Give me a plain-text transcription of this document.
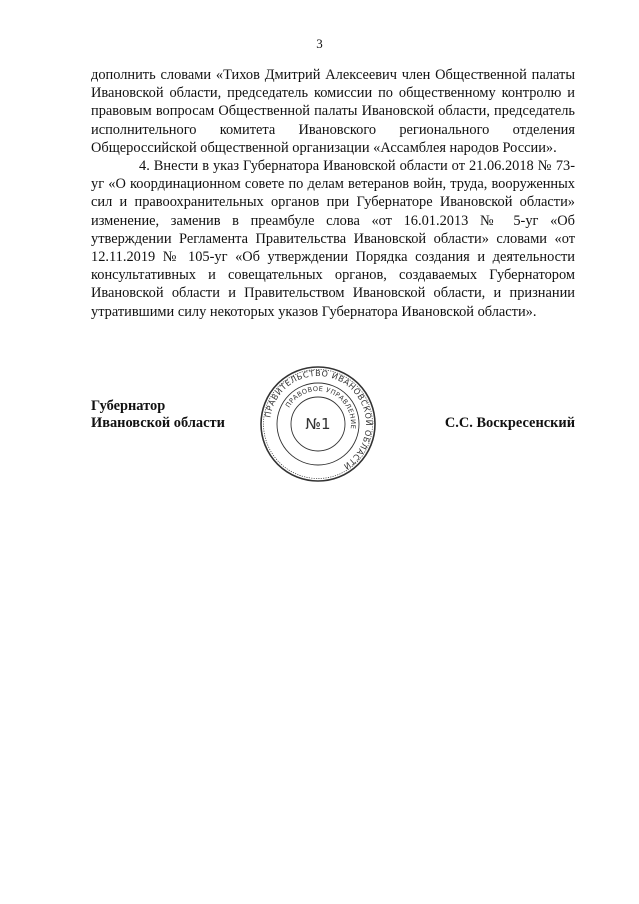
3

дополнить словами «Тихов Дмитрий Алексеевич член Общественной палаты Ивановской области, председатель комиссии по общественному контролю и правовым вопросам Общественной палаты Ивановской области, председатель исполнительного комитета Ивановского регионального отделения Общероссийской общественной организации «Ассамблея народов России».

4. Внести в указ Губернатора Ивановской области от 21.06.2018 № 73-уг «О координационном совете по делам ветеранов войн, труда, вооруженных сил и правоохранительных органов при Губернаторе Ивановской области» изменение, заменив в преамбуле слова «от 16.01.2013 № 5-уг «Об утверждении Регламента Правительства Ивановской области» словами «от 12.11.2019 № 105-уг «Об утверждении Порядка создания и деятельности консультативных и совещательных органов, создаваемых Губернатором Ивановской области и Правительством Ивановской области, и признании утратившими силу некоторых указов Губернатора Ивановской области».

Губернатор
Ивановской области
ПРАВИТЕЛЬСТВО ИВАНОВСКОЙ ОБЛАСТИ
ПРАВОВОЕ УПРАВЛЕНИЕ
№1	С.С. Воскресенский
